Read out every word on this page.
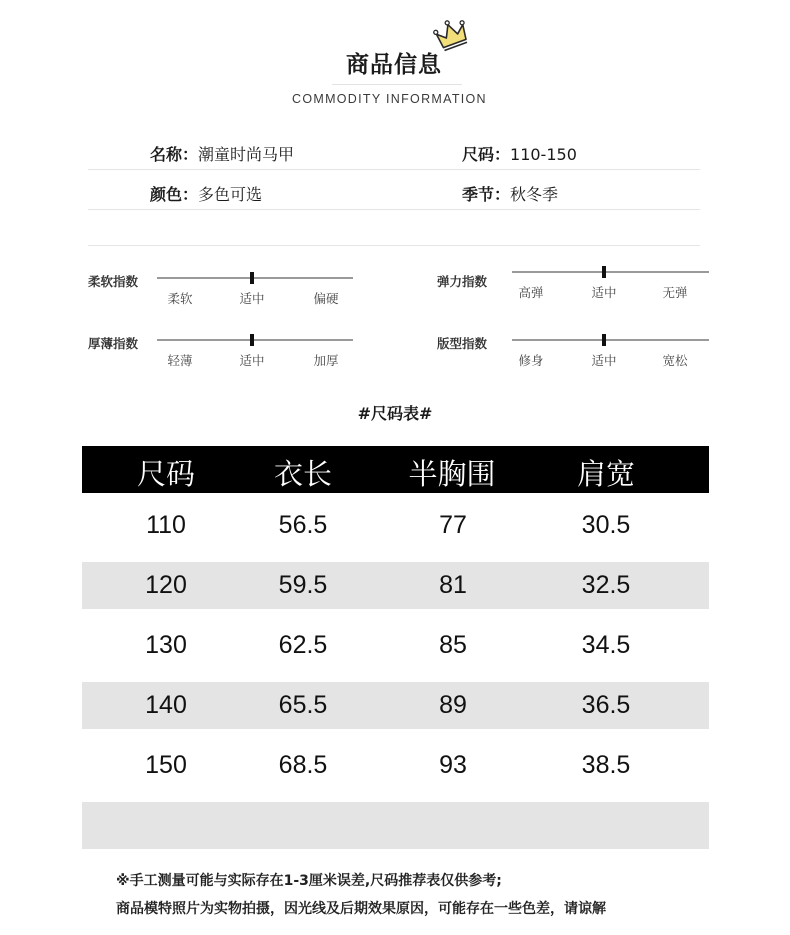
商品信息
COMMODITY INFORMATION
名称：潮童时尚马甲	尺码：110-150
颜色：多色可选	季节：秋冬季
柔软指数
柔软	适中	偏硬
弹力指数
高弹	适中	无弹
厚薄指数
轻薄	适中	加厚
版型指数
修身	适中	宽松
#尺码表#
尺码	衣长	半胸围	肩宽
110	56.5	77	30.5
120	59.5	81	32.5
130	62.5	85	34.5
140	65.5	89	36.5
150	68.5	93	38.5
※手工测量可能与实际存在1-3厘米误差,尺码推荐表仅供参考;
商品模特照片为实物拍摄，因光线及后期效果原因，可能存在一些色差，请谅解
